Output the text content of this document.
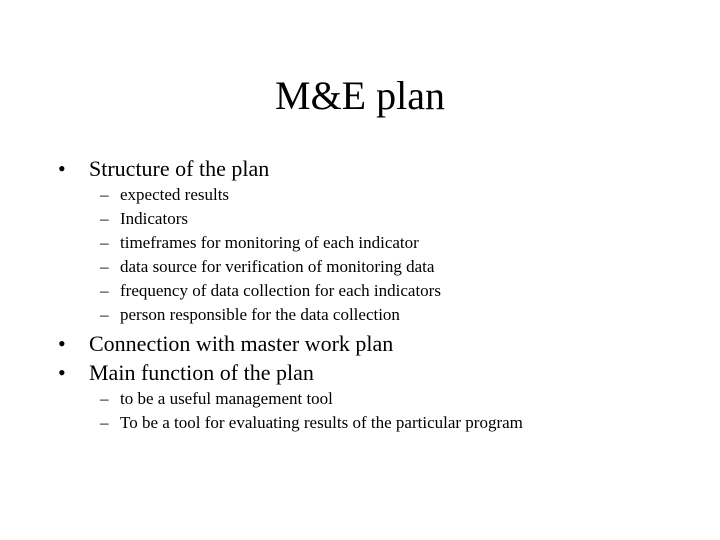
M&E plan
• Structure of the plan
– expected results
– Indicators
– timeframes for monitoring of each indicator
– data source for verification of monitoring data
– frequency of data collection for each indicators
– person responsible for the data collection
• Connection with master work plan
• Main function of the plan
– to be a useful management tool
– To be a tool for evaluating results of the particular program
